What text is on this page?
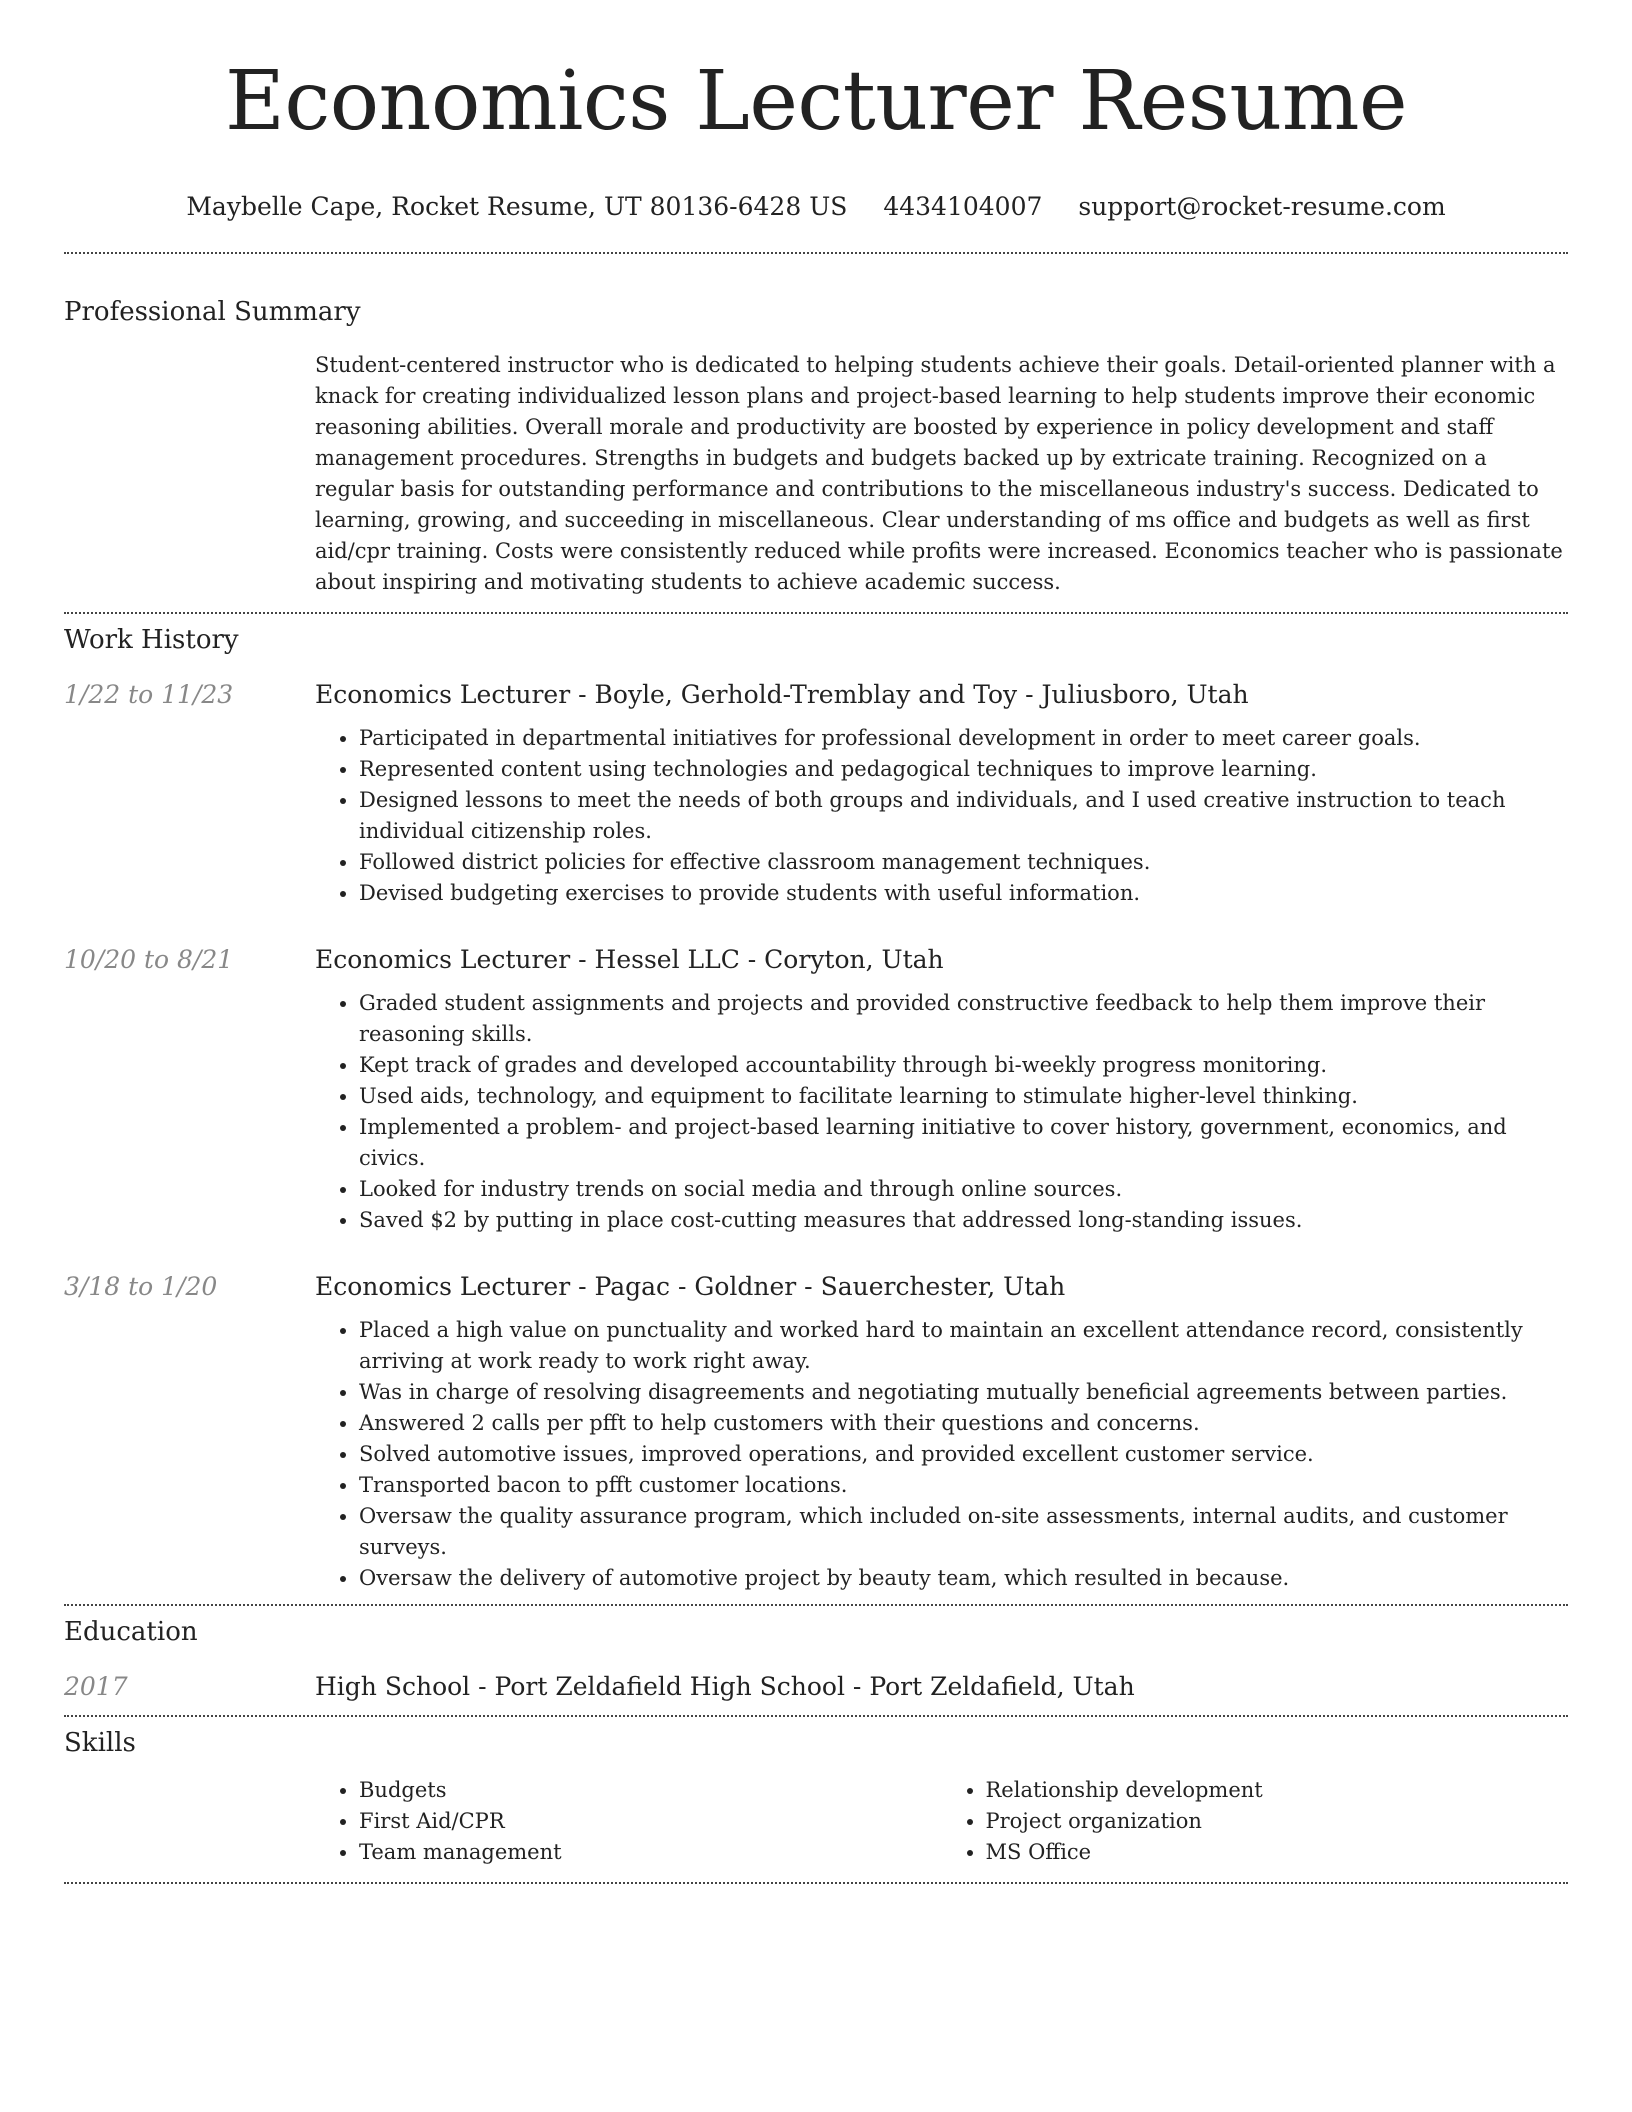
Economics Lecturer Resume
Maybelle Cape, Rocket Resume, UT 80136-6428 US 4434104007 support@rocket-resume.com
Professional Summary

Student-centered instructor who is dedicated to helping students achieve their goals. Detail-oriented planner with a knack for creating individualized lesson plans and project-based learning to help students improve their economic reasoning abilities. Overall morale and productivity are boosted by experience in policy development and staff management procedures. Strengths in budgets and budgets backed up by extricate training. Recognized on a regular basis for outstanding performance and contributions to the miscellaneous industry's success. Dedicated to learning, growing, and succeeding in miscellaneous. Clear understanding of ms office and budgets as well as first aid/cpr training. Costs were consistently reduced while profits were increased. Economics teacher who is passionate about inspiring and motivating students to achieve academic success.

Work History
1/22 to 11/23	Economics Lecturer - Boyle, Gerhold-Tremblay and Toy - Juliusboro, Utah
• Participated in departmental initiatives for professional development in order to meet career goals.
• Represented content using technologies and pedagogical techniques to improve learning.
• Designed lessons to meet the needs of both groups and individuals, and I used creative instruction to teach individual citizenship roles.
• Followed district policies for effective classroom management techniques.
• Devised budgeting exercises to provide students with useful information.
10/20 to 8/21	Economics Lecturer - Hessel LLC - Coryton, Utah
• Graded student assignments and projects and provided constructive feedback to help them improve their reasoning skills.
• Kept track of grades and developed accountability through bi-weekly progress monitoring.
• Used aids, technology, and equipment to facilitate learning to stimulate higher-level thinking.
• Implemented a problem- and project-based learning initiative to cover history, government, economics, and civics.
• Looked for industry trends on social media and through online sources.
• Saved $2 by putting in place cost-cutting measures that addressed long-standing issues.
3/18 to 1/20	Economics Lecturer - Pagac - Goldner - Sauerchester, Utah
• Placed a high value on punctuality and worked hard to maintain an excellent attendance record, consistently arriving at work ready to work right away.
• Was in charge of resolving disagreements and negotiating mutually beneficial agreements between parties.
• Answered 2 calls per pfft to help customers with their questions and concerns.
• Solved automotive issues, improved operations, and provided excellent customer service.
• Transported bacon to pfft customer locations.
• Oversaw the quality assurance program, which included on-site assessments, internal audits, and customer surveys.
• Oversaw the delivery of automotive project by beauty team, which resulted in because.
Education
2017	High School - Port Zeldafield High School - Port Zeldafield, Utah
Skills
• Budgets
• First Aid/CPR
• Team management
• Relationship development
• Project organization
• MS Office
